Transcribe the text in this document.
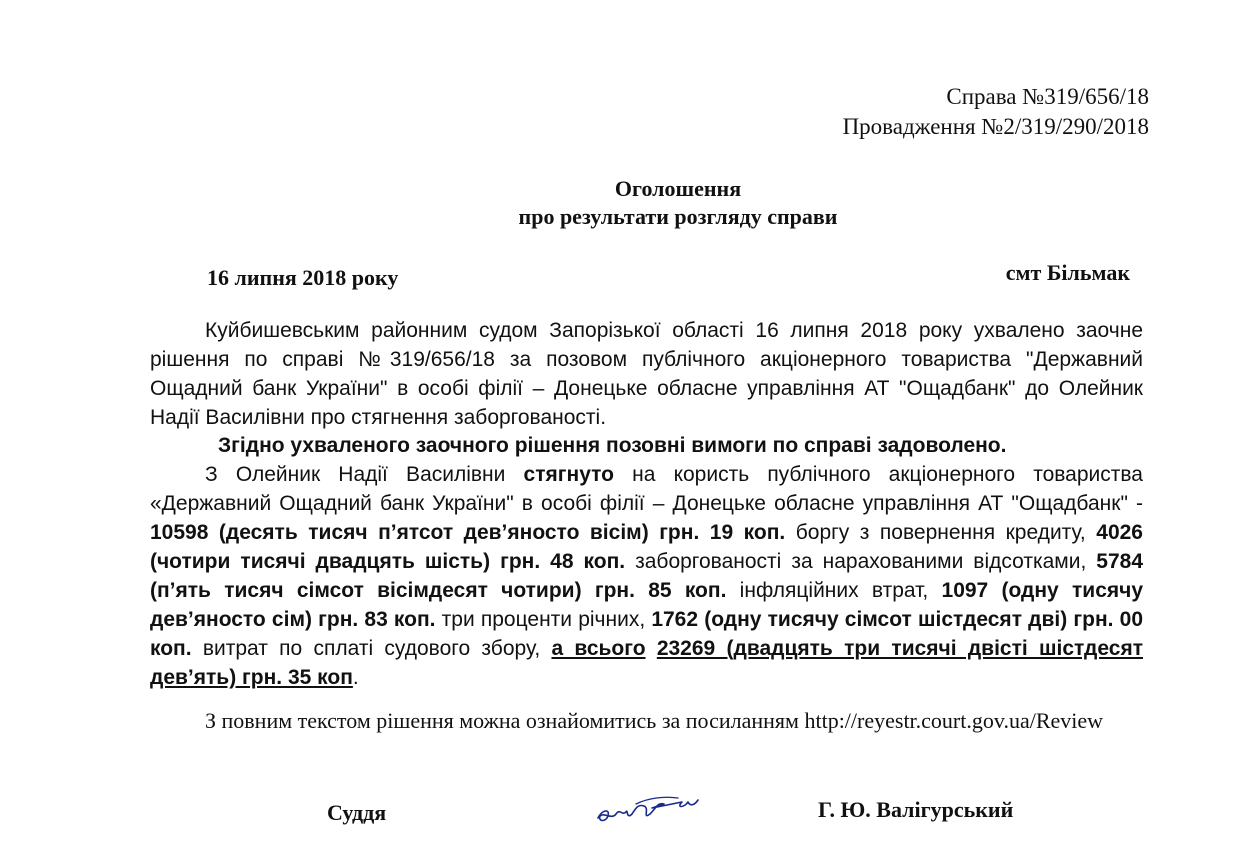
Справа №319/656/18
Провадження №2/319/290/2018
Оголошення
про результати розгляду справи
16 липня 2018 року	смт Більмак
Куйбишевським районним судом Запорізької області 16 липня 2018 року ухвалено заочне рішення по справі №319/656/18 за позовом публічного акціонерного товариства "Державний Ощадний банк України" в особі філії – Донецьке обласне управління АТ "Ощадбанк" до Олейник Надії Василівни про стягнення заборгованості.
Згідно ухваленого заочного рішення позовні вимоги по справі задоволено.
З Олейник Надії Василівни стягнуто на користь публічного акціонерного товариства «Державний Ощадний банк України" в особі філії – Донецьке обласне управління АТ "Ощадбанк" - 10598 (десять тисяч п’ятсот дев’яносто вісім) грн. 19 коп. боргу з повернення кредиту, 4026 (чотири тисячі двадцять шість) грн. 48 коп. заборгованості за нарахованими відсотками, 5784 (п’ять тисяч сімсот вісімдесят чотири) грн. 85 коп. інфляційних втрат, 1097 (одну тисячу дев’яносто сім) грн. 83 коп. три проценти річних, 1762 (одну тисячу сімсот шістдесят дві) грн. 00 коп. витрат по сплаті судового збору, а всього 23269 (двадцять три тисячі двісті шістдесят дев’ять) грн. 35 коп.
З повним текстом рішення можна ознайомитись за посиланням http://reyestr.court.gov.ua/Review
Суддя	Г. Ю. Валігурський
